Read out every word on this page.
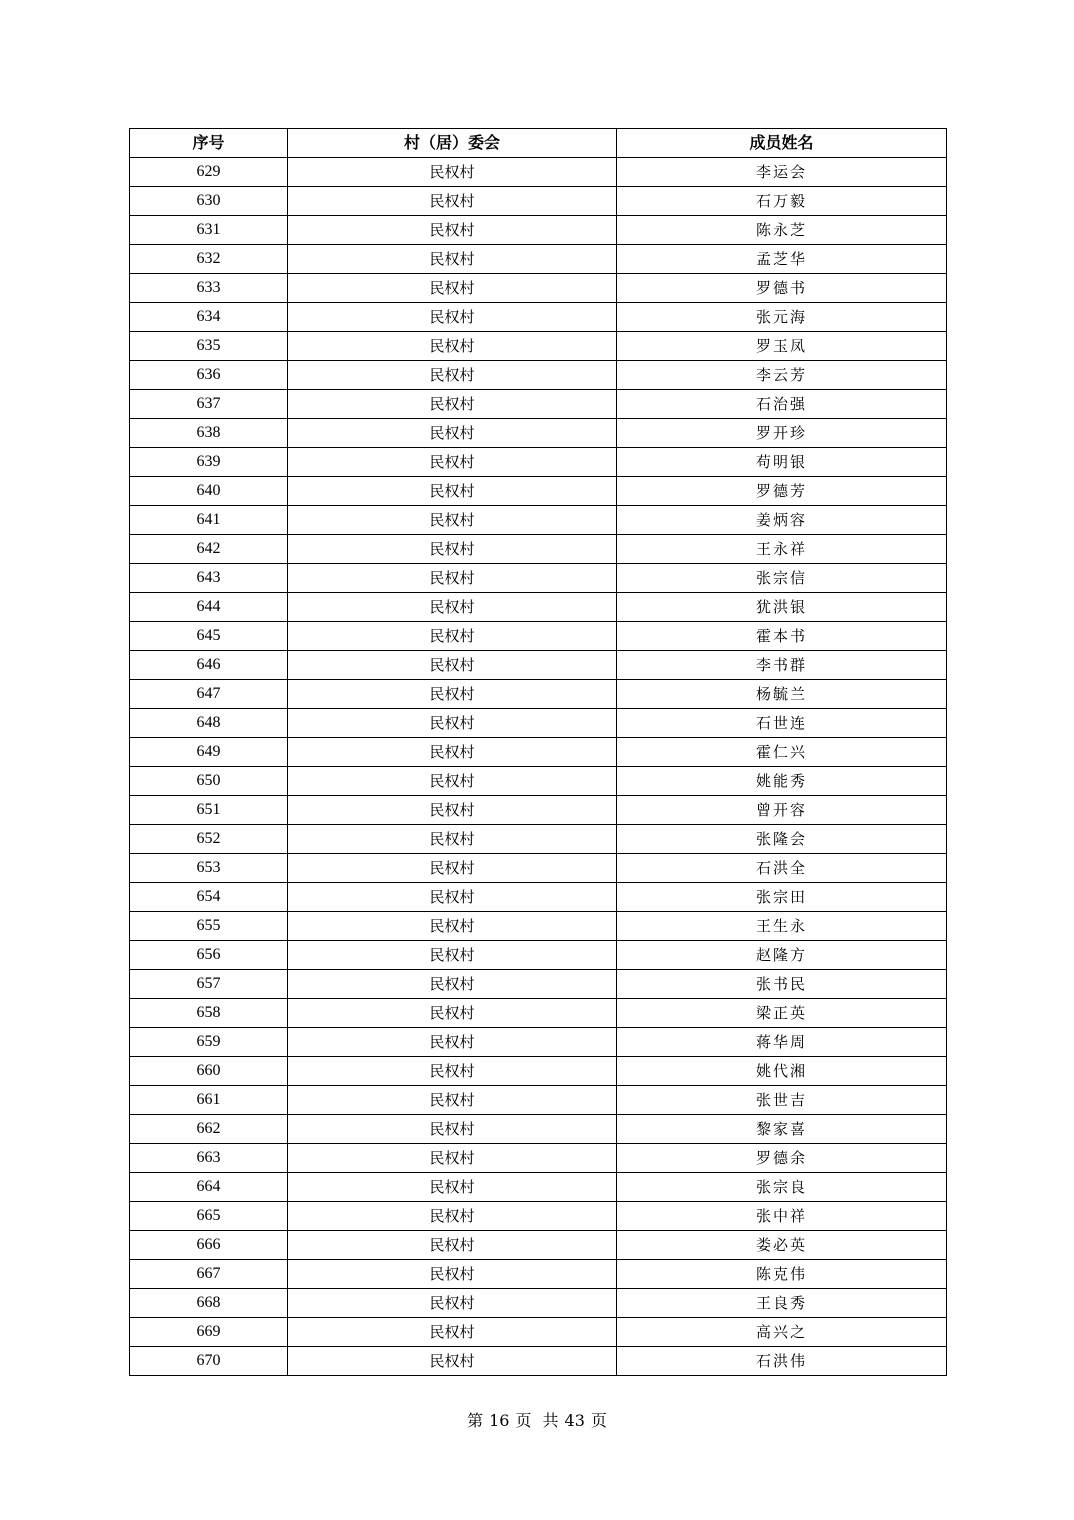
序号	村（居）委会	成员姓名
629	民权村	李运会
630	民权村	石万毅
631	民权村	陈永芝
632	民权村	孟芝华
633	民权村	罗德书
634	民权村	张元海
635	民权村	罗玉凤
636	民权村	李云芳
637	民权村	石治强
638	民权村	罗开珍
639	民权村	苟明银
640	民权村	罗德芳
641	民权村	姜炳容
642	民权村	王永祥
643	民权村	张宗信
644	民权村	犹洪银
645	民权村	霍本书
646	民权村	李书群
647	民权村	杨毓兰
648	民权村	石世连
649	民权村	霍仁兴
650	民权村	姚能秀
651	民权村	曾开容
652	民权村	张隆会
653	民权村	石洪全
654	民权村	张宗田
655	民权村	王生永
656	民权村	赵隆方
657	民权村	张书民
658	民权村	梁正英
659	民权村	蒋华周
660	民权村	姚代湘
661	民权村	张世吉
662	民权村	黎家喜
663	民权村	罗德余
664	民权村	张宗良
665	民权村	张中祥
666	民权村	娄必英
667	民权村	陈克伟
668	民权村	王良秀
669	民权村	高兴之
670	民权村	石洪伟
第 16 页 共 43 页
